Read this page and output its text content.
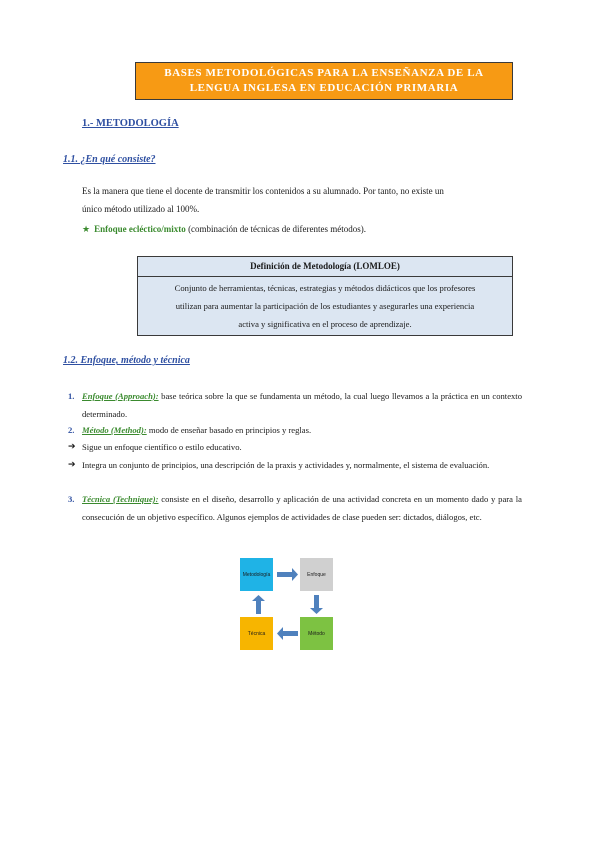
BASES METODOLÓGICAS PARA LA ENSEÑANZA DE LA
LENGUA INGLESA EN EDUCACIÓN PRIMARIA
1.- METODOLOGÍA
1.1. ¿En qué consiste?
Es la manera que tiene el docente de transmitir los contenidos a su alumnado. Por tanto, no existe un
único método utilizado al 100%.
★ Enfoque ecléctico/mixto (combinación de técnicas de diferentes métodos).
Definición de Metodología (LOMLOE)
Conjunto de herramientas, técnicas, estrategias y métodos didácticos que los profesores
utilizan para aumentar la participación de los estudiantes y asegurarles una experiencia
activa y significativa en el proceso de aprendizaje.
1.2. Enfoque, método y técnica
1. Enfoque (Approach): base teórica sobre la que se fundamenta un método, la cual luego llevamos a la práctica en un contexto determinado.
2. Método (Method): modo de enseñar basado en principios y reglas.
➔ Sigue un enfoque científico o estilo educativo.
➔ Integra un conjunto de principios, una descripción de la praxis y actividades y, normalmente, el sistema de evaluación.
3. Técnica (Technique): consiste en el diseño, desarrollo y aplicación de una actividad concreta en un momento dado y para la consecución de un objetivo específico. Algunos ejemplos de actividades de clase pueden ser: dictados, diálogos, etc.
Metodología	Enfoque
Método
Técnica
